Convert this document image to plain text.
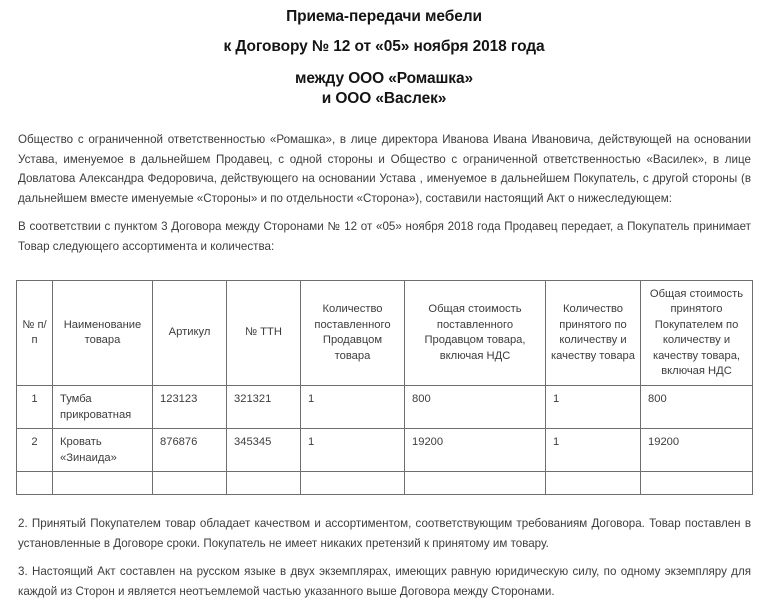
Приема-передачи мебели
к Договору № 12 от «05» ноября 2018 года
между ООО «Ромашка»
и ООО «Васлек»

Общество с ограниченной ответственностью «Ромашка», в лице директора Иванова Ивана Ивановича, действующей на основании Устава, именуемое в дальнейшем Продавец, с одной стороны и Общество с ограниченной ответственностью «Василек», в лице Довлатова Александра Федоровича, действующего на основании Устава , именуемое в дальнейшем Покупатель, с другой стороны (в дальнейшем вместе именуемые «Стороны» и по отдельности «Сторона»), составили настоящий Акт о нижеследующем:

В соответствии с пунктом 3 Договора между Сторонами № 12 от «05» ноября 2018 года Продавец передает, а Покупатель принимает Товар следующего ассортимента и количества:

№ п/п	Наименование товара	Артикул	№ ТТН	Количество поставленного Продавцом товара	Общая стоимость поставленного Продавцом товара, включая НДС	Количество принятого по количеству и качеству товара	Общая стоимость принятого Покупателем по количеству и качеству товара, включая НДС
1	Тумба прикроватная	123123	321321	1	800	1	800
2	Кровать «Зинаида»	876876	345345	1	19200	1	19200

2. Принятый Покупателем товар обладает качеством и ассортиментом, соответствующим требованиям Договора. Товар поставлен в установленные в Договоре сроки. Покупатель не имеет никаких претензий к принятому им товару.

3. Настоящий Акт составлен на русском языке в двух экземплярах, имеющих равную юридическую силу, по одному экземпляру для каждой из Сторон и является неотъемлемой частью указанного выше Договора между Сторонами.
